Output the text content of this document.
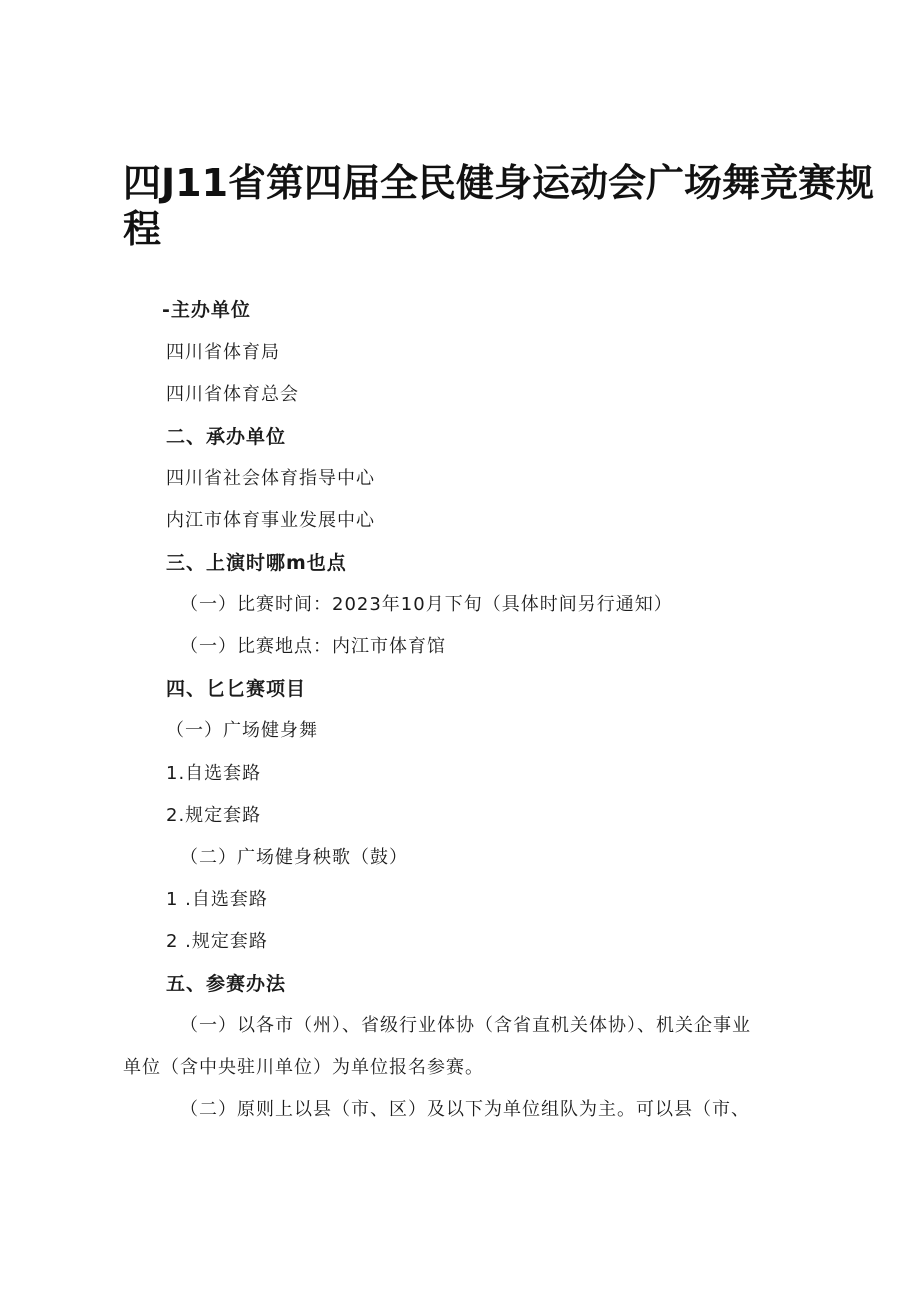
四J11省第四届全民健身运动会广场舞竞赛规
程
-主办单位
四川省体育局
四川省体育总会
二、承办单位
四川省社会体育指导中心
内江市体育事业发展中心
三、上演时哪m也点
（一）比赛时间：2023年10月下旬（具体时间另行通知）
（一）比赛地点：内江市体育馆
四、匕匕赛项目
（一）广场健身舞
1.自选套路
2.规定套路
（二）广场健身秧歌（鼓）
1 .自选套路
2 .规定套路
五、参赛办法
（一）以各市（州）、省级行业体协（含省直机关体协）、机关企事业
单位（含中央驻川单位）为单位报名参赛。
（二）原则上以县（市、区）及以下为单位组队为主。可以县（市、
